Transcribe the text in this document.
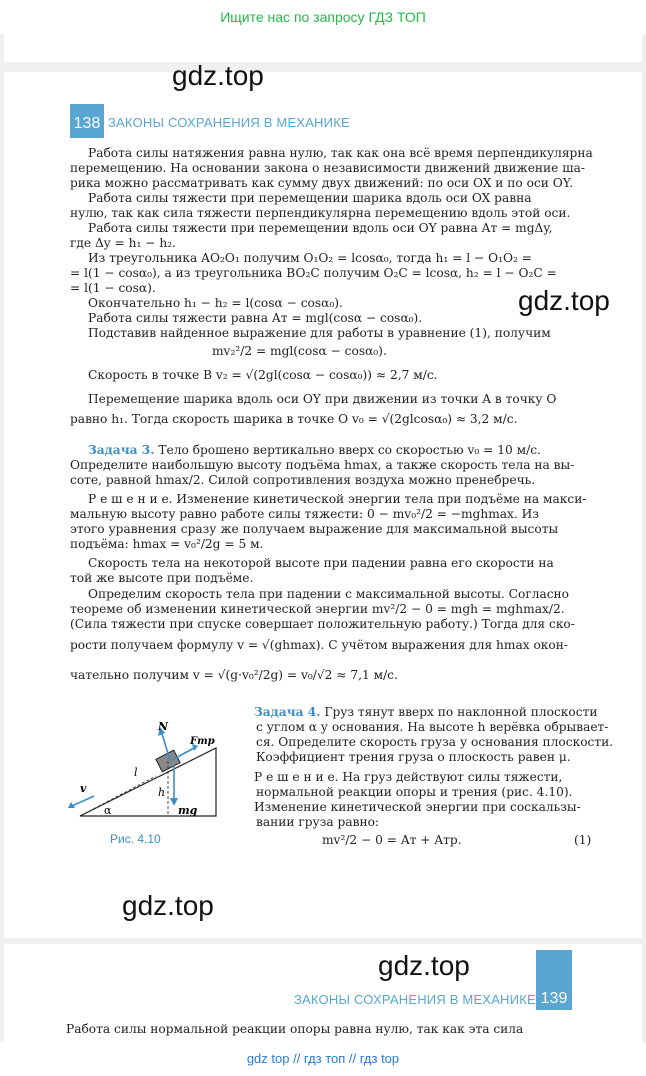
Ищите нас по запросу ГДЗ ТОП
gdz.top
138 ЗАКОНЫ СОХРАНЕНИЯ В МЕХАНИКЕ
Работа силы натяжения равна нулю, так как она всё время перпендикулярна
перемещению. На основании закона о независимости движений движение ша-
рика можно рассматривать как сумму двух движений: по оси OX и по оси OY.
Работа силы тяжести при перемещении шарика вдоль оси OX равна
нулю, так как сила тяжести перпендикулярна перемещению вдоль этой оси.
Работа силы тяжести при перемещении вдоль оси OY равна Aт = mgΔy,
где Δy = h₁ − h₂.
Из треугольника AO₂O₁ получим O₁O₂ = lcosα₀, тогда h₁ = l − O₁O₂ =
= l(1 − cosα₀), а из треугольника BO₂C получим O₂C = lcosα, h₂ = l − O₂C =
= l(1 − cosα).
Окончательно h₁ − h₂ = l(cosα − cosα₀).
Работа силы тяжести равна Aт = mgl(cosα − cosα₀).
Подставив найденное выражение для работы в уравнение (1), получим
mv₂²/2 = mgl(cosα − cosα₀).
Скорость в точке B v₂ = √(2gl(cosα − cosα₀)) ≈ 2,7 м/с.
Перемещение шарика вдоль оси OY при движении из точки A в точку O
равно h₁. Тогда скорость шарика в точке O v₀ = √(2glcosα₀) ≈ 3,2 м/с.
gdz.top
Задача 3. Тело брошено вертикально вверх со скоростью v₀ = 10 м/с.
Определите наибольшую высоту подъёма hmax, а также скорость тела на вы-
соте, равной hmax/2. Силой сопротивления воздуха можно пренебречь.
Р е ш е н и е. Изменение кинетической энергии тела при подъёме на макси-
мальную высоту равно работе силы тяжести: 0 − mv₀²/2 = −mghmax. Из
этого уравнения сразу же получаем выражение для максимальной высоты
подъёма: hmax = v₀²/2g = 5 м.
Скорость тела на некоторой высоте при падении равна его скорости на
той же высоте при подъёме.
Определим скорость тела при падении с максимальной высоты. Согласно
теореме об изменении кинетической энергии mv²/2 − 0 = mgh = mghmax/2.
(Сила тяжести при спуске совершает положительную работу.) Тогда для ско-
рости получаем формулу v = √(ghmax). С учётом выражения для hmax окон-
чательно получим v = √(g·v₀²/2g) = v₀/√2 ≈ 7,1 м/с.
N
Fтр
v
l
h
α	mg
Рис. 4.10
Задача 4. Груз тянут вверх по наклонной плоскости
с углом α у основания. На высоте h верёвка обрывает-
ся. Определите скорость груза у основания плоскости.
Коэффициент трения груза о плоскость равен μ.
Р е ш е н и е. На груз действуют силы тяжести,
нормальной реакции опоры и трения (рис. 4.10).
Изменение кинетической энергии при соскальзы-
вании груза равно:
mv²/2 − 0 = Aт + Aтр.	(1)
gdz.top
gdz.top
ЗАКОНЫ СОХРАНЕНИЯ В МЕХАНИКЕ 139
Работа силы нормальной реакции опоры равна нулю, так как эта сила
gdz top // гдз топ // гдз top
